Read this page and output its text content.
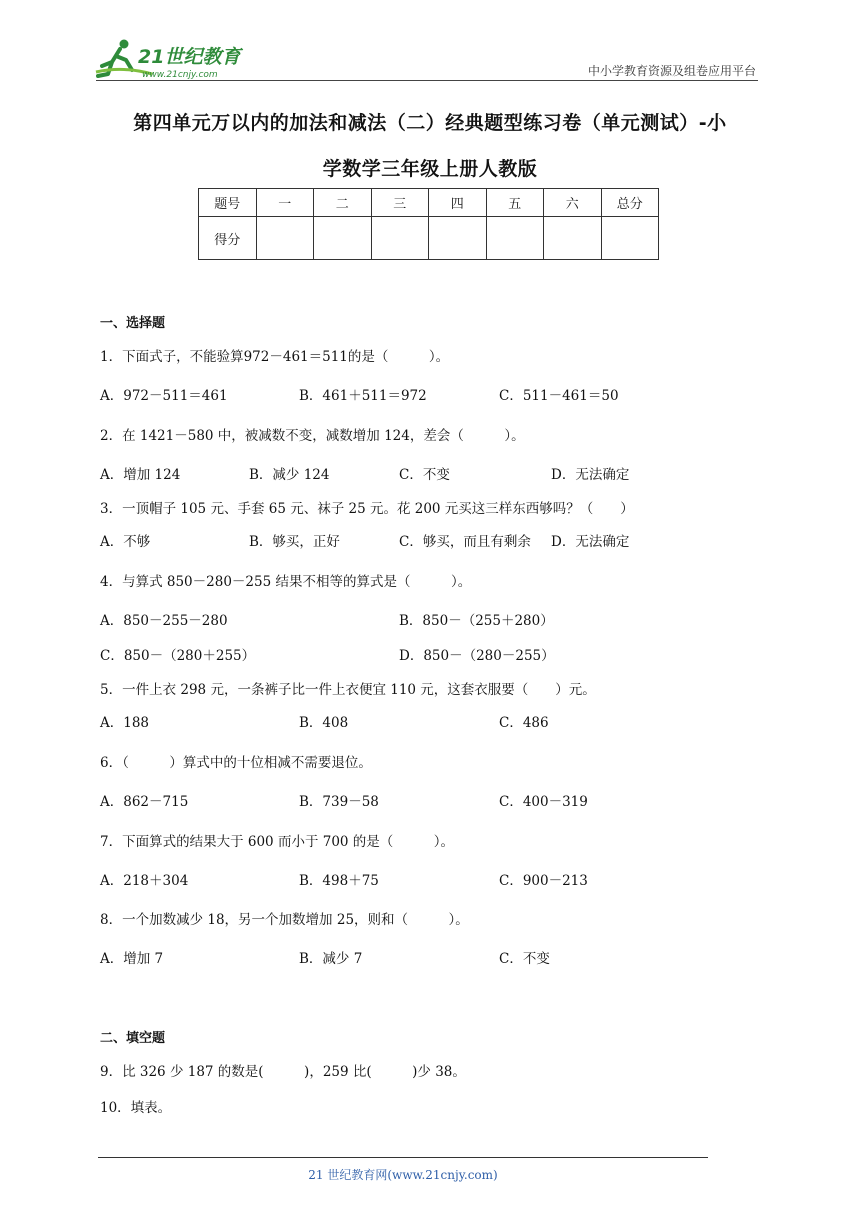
21世纪教育
www.21cnjy.com	中小学教育资源及组卷应用平台
第四单元万以内的加法和减法（二）经典题型练习卷（单元测试）-小
学数学三年级上册人教版
题号	一	二	三	四	五	六	总分
得分							
一、选择题
1．下面式子，不能验算972－461＝511的是（　　　）。
A．972－511＝461	B．461＋511＝972	C．511－461＝50
2．在 1421－580 中，被减数不变，减数增加 124，差会（　　　）。
A．增加 124	B．减少 124	C．不变	D．无法确定
3．一顶帽子 105 元、手套 65 元、袜子 25 元。花 200 元买这三样东西够吗？（　　）
A．不够	B．够买，正好	C．够买，而且有剩余 D．无法确定
4．与算式 850－280－255 结果不相等的算式是（　　　）。
A．850－255－280	B．850－（255＋280）
C．850－（280＋255）	D．850－（280－255）
5．一件上衣 298 元，一条裤子比一件上衣便宜 110 元，这套衣服要（　　）元。
A．188	B．408	C．486
6．（　　　）算式中的十位相减不需要退位。
A．862－715	B．739－58	C．400－319
7．下面算式的结果大于 600 而小于 700 的是（　　　）。
A．218＋304	B．498＋75	C．900－213
8．一个加数减少 18，另一个加数增加 25，则和（　　　）。
A．增加 7	B．减少 7	C．不变
二、填空题
9．比 326 少 187 的数是(　　　)，259 比(　　　)少 38。
10．填表。
21 世纪教育网(www.21cnjy.com)
